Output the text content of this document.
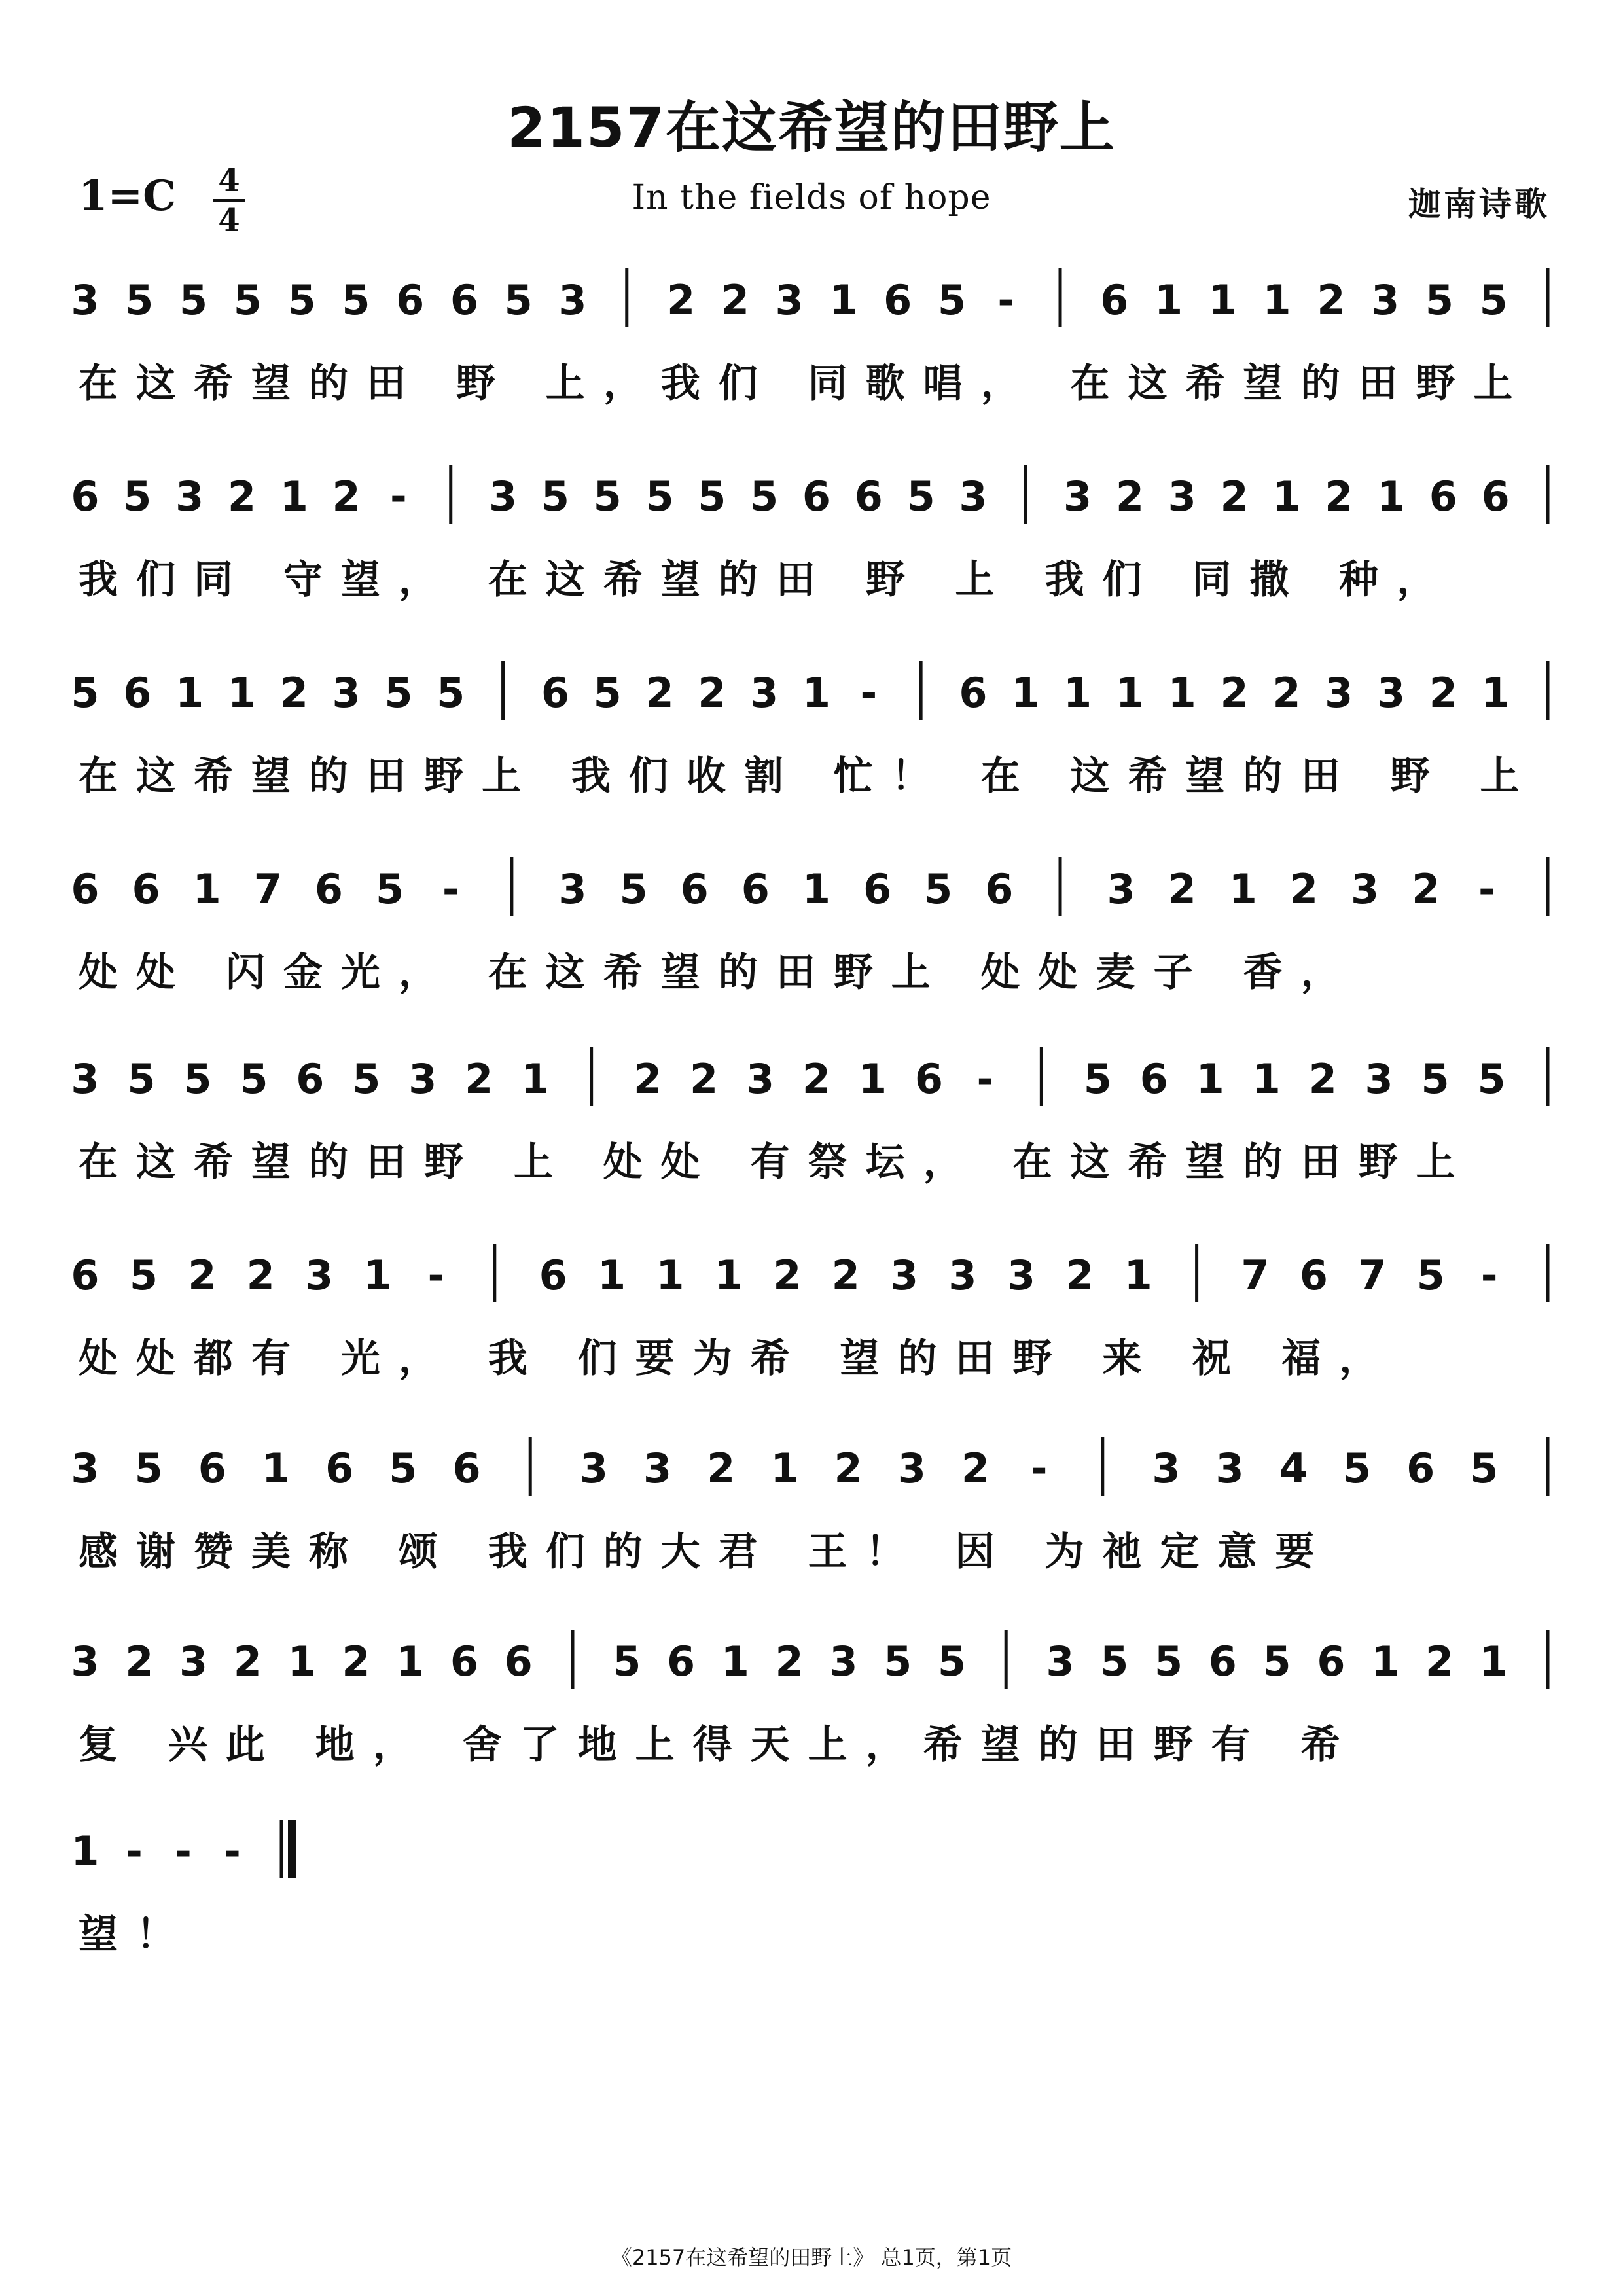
2157在这希望的田野上
1=C 4
4
In the fields of hope	迦南诗歌
3 5 5 5 5 5 6 6 5 3 2 2 3 1 6 5 - 6 1 1 1 2 3 5 5
在这希望的田 野 上，我们 同歌唱， 在这希望的田野上
6 5 3 2 1 2 - 3 5 5 5 5 5 6 6 5 3 3 2 3 2 1 2 1 6 6
我们同 守望， 在这希望的田 野 上 我们 同撒 种，
5 6 1 1 2 3 5 5 6 5 2 2 3 1 - 6 1 1 1 1 2 2 3 3 2 1
在这希望的田野上 我们收割 忙！ 在 这希望的田 野 上
6 6 1 7 6 5 - 3 5 6 6 1 6 5 6 3 2 1 2 3 2 -
处处 闪金光， 在这希望的田野上 处处麦子 香，
3 5 5 5 6 5 3 2 1 2 2 3 2 1 6 - 5 6 1 1 2 3 5 5
在这希望的田野 上 处处 有祭坛， 在这希望的田野上
6 5 2 2 3 1 - 6 1 1 1 2 2 3 3 3 2 1 7 6 7 5 -
处处都有 光， 我 们要为希 望的田野 来 祝 福，
3 5 6 1 6 5 6 3 3 2 1 2 3 2 -	3 3 4 5 6 5
感谢赞美称 颂 我们的大君 王！ 因 为祂定意要
3 2 3 2 1 2 1 6 6 5 6 1 2 3 5 5 3 5 5 6 5 6 1 2 1
复 兴此 地， 舍了地上得天上，希望的田野有 希
1 - - -
望！
《2157在这希望的田野上》 总1页，第1页
